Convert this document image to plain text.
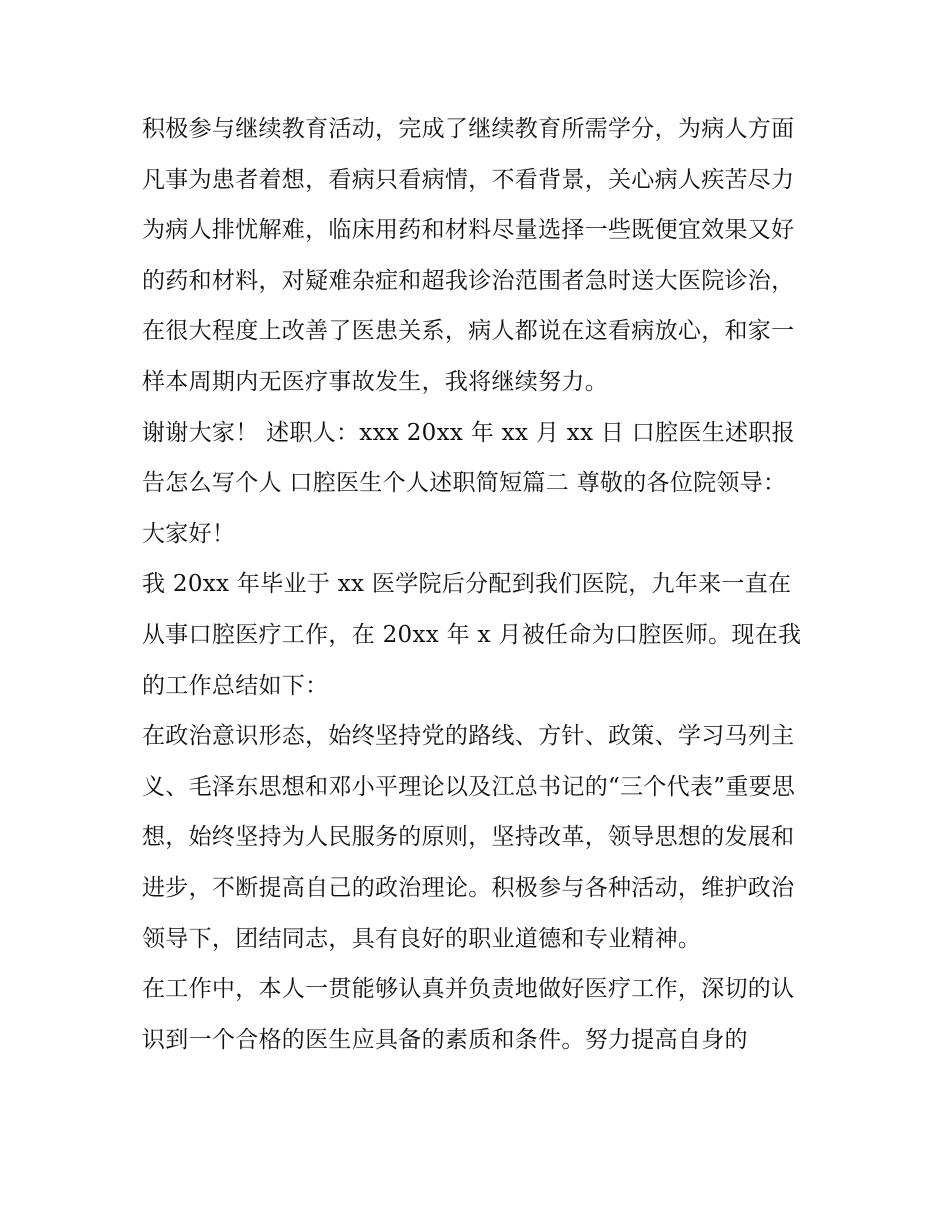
积极参与继续教育活动，完成了继续教育所需学分，为病人方面凡事为患者着想，看病只看病情，不看背景，关心病人疾苦尽力为病人排忧解难，临床用药和材料尽量选择一些既便宜效果又好的药和材料，对疑难杂症和超我诊治范围者急时送大医院诊治，在很大程度上改善了医患关系，病人都说在这看病放心，和家一样本周期内无医疗事故发生，我将继续努力。

谢谢大家！ 述职人：xxx 20xx 年 xx 月 xx 日 口腔医生述职报告怎么写个人 口腔医生个人述职简短篇二 尊敬的各位院领导： 大家好！

我 20xx 年毕业于 xx 医学院后分配到我们医院，九年来一直在从事口腔医疗工作，在 20xx 年 x 月被任命为口腔医师。现在我的工作总结如下：

在政治意识形态，始终坚持党的路线、方针、政策、学习马列主义、毛泽东思想和邓小平理论以及江总书记的“三个代表”重要思想，始终坚持为人民服务的原则，坚持改革，领导思想的发展和进步，不断提高自己的政治理论。积极参与各种活动，维护政治领导下，团结同志，具有良好的职业道德和专业精神。

在工作中，本人一贯能够认真并负责地做好医疗工作，深切的认识到一个合格的医生应具备的素质和条件。努力提高自身的
